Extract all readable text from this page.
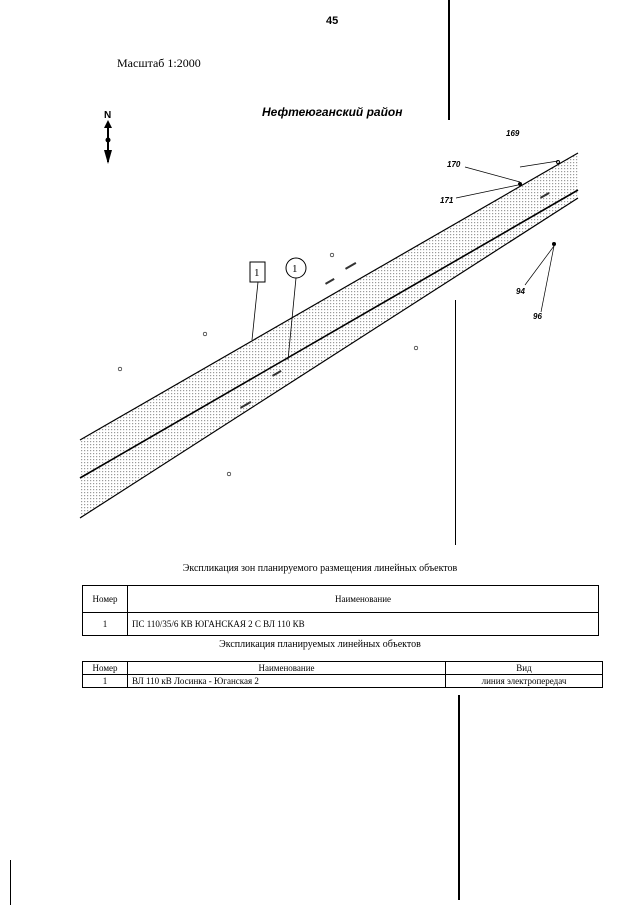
45
Масштаб 1:2000
Нефтеюганский район
N
169
170
171
94
96
1	1
Экспликация зон планируемого размещения линейных объектов
Номер	Наименование
1	ПС 110/35/6 КВ ЮГАНСКАЯ 2 С ВЛ 110 КВ
Экспликация планируемых линейных объектов
Номер	Наименование	Вид
1	ВЛ 110 кВ Лосинка - Юганская 2	линия электропередач
